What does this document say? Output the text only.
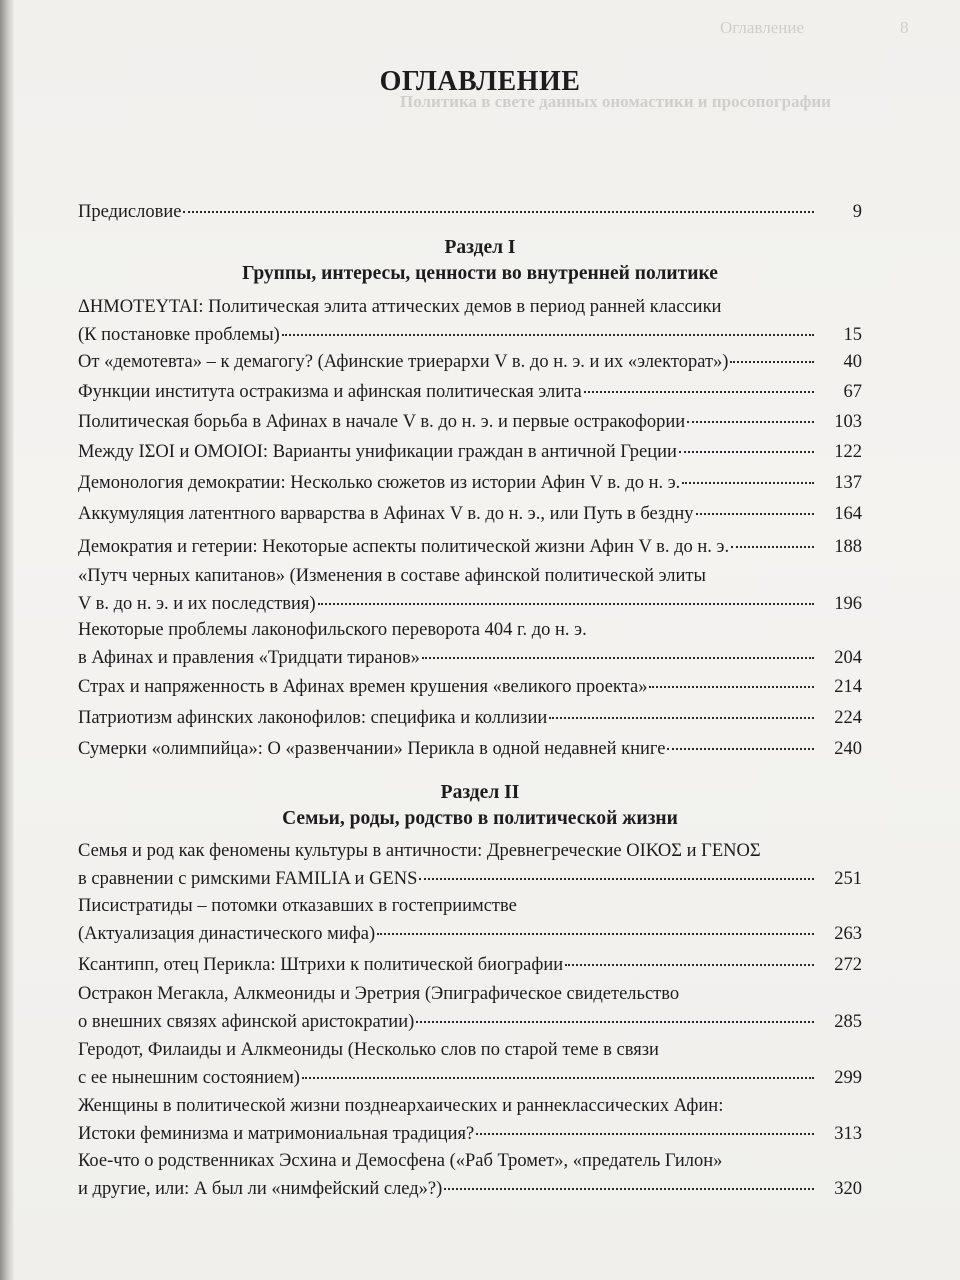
Оглавление	8
Политика в свете данных ономастики и просопографии
ОГЛАВЛЕНИЕ
Предисловие	9
Раздел I
Группы, интересы, ценности во внутренней политике
ΔΗΜΟΤΕΥΤΑΙ: Политическая элита аттических демов в период ранней классики
(К постановке проблемы)	15
От «демотевта» – к демагогу? (Афинские триерархи V в. до н. э. и их «электорат»)	40
Функции института остракизма и афинская политическая элита	67
Политическая борьба в Афинах в начале V в. до н. э. и первые остракофории	103
Между ΙΣΟΙ и ΟΜΟΙΟΙ: Варианты унификации граждан в античной Греции	122
Демонология демократии: Несколько сюжетов из истории Афин V в. до н. э.	137
Аккумуляция латентного варварства в Афинах V в. до н. э., или Путь в бездну	164
Демократия и гетерии: Некоторые аспекты политической жизни Афин V в. до н. э.	188
«Путч черных капитанов» (Изменения в составе афинской политической элиты
V в. до н. э. и их последствия)	196
Некоторые проблемы лаконофильского переворота 404 г. до н. э.
в Афинах и правления «Тридцати тиранов»	204
Страх и напряженность в Афинах времен крушения «великого проекта»	214
Патриотизм афинских лаконофилов: специфика и коллизии	224
Сумерки «олимпийца»: О «развенчании» Перикла в одной недавней книге	240
Раздел II
Семьи, роды, родство в политической жизни
Семья и род как феномены культуры в античности: Древнегреческие ΟΙΚΟΣ и ΓΕΝΟΣ
в сравнении с римскими FAMILIA и GENS	251
Писистратиды – потомки отказавших в гостеприимстве
(Актуализация династического мифа)	263
Ксантипп, отец Перикла: Штрихи к политической биографии	272
Остракон Мегакла, Алкмеониды и Эретрия (Эпиграфическое свидетельство
о внешних связях афинской аристократии)	285
Геродот, Филаиды и Алкмеониды (Несколько слов по старой теме в связи
с ее нынешним состоянием)	299
Женщины в политической жизни позднеархаических и раннеклассических Афин:
Истоки феминизма и матримониальная традиция?	313
Кое-что о родственниках Эсхина и Демосфена («Раб Тромет», «предатель Гилон»
и другие, или: А был ли «нимфейский след»?)	320
